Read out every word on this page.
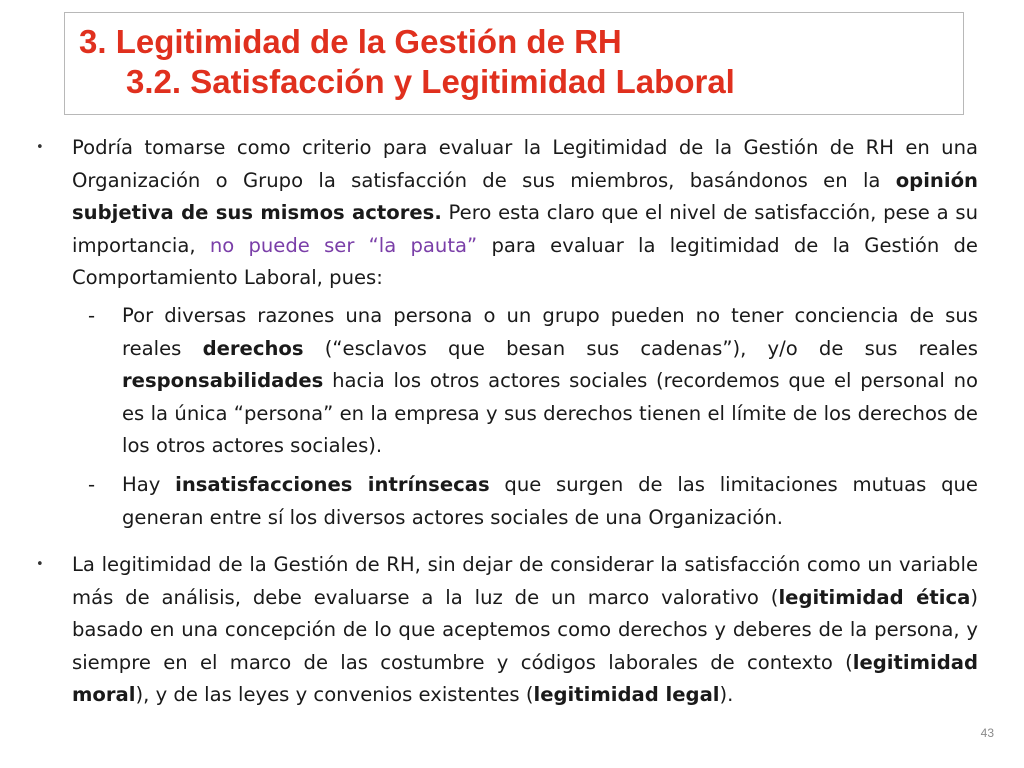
3. Legitimidad de la Gestión de RH
3.2. Satisfacción y Legitimidad Laboral
• Podría tomarse como criterio para evaluar la Legitimidad de la Gestión de RH en una Organización o Grupo la satisfacción de sus miembros, basándonos en la opinión subjetiva de sus mismos actores. Pero esta claro que el nivel de satisfacción, pese a su importancia, no puede ser “la pauta” para evaluar la legitimidad de la Gestión de Comportamiento Laboral, pues:

- Por diversas razones una persona o un grupo pueden no tener conciencia de sus reales derechos (“esclavos que besan sus cadenas”), y/o de sus reales responsabilidades hacia los otros actores sociales (recordemos que el personal no es la única “persona” en la empresa y sus derechos tienen el límite de los derechos de los otros actores sociales).

- Hay insatisfacciones intrínsecas que surgen de las limitaciones mutuas que generan entre sí los diversos actores sociales de una Organización.

• La legitimidad de la Gestión de RH, sin dejar de considerar la satisfacción como un variable más de análisis, debe evaluarse a la luz de un marco valorativo (legitimidad ética) basado en una concepción de lo que aceptemos como derechos y deberes de la persona, y siempre en el marco de las costumbre y códigos laborales de contexto (legitimidad moral), y de las leyes y convenios existentes (legitimidad legal).

43
